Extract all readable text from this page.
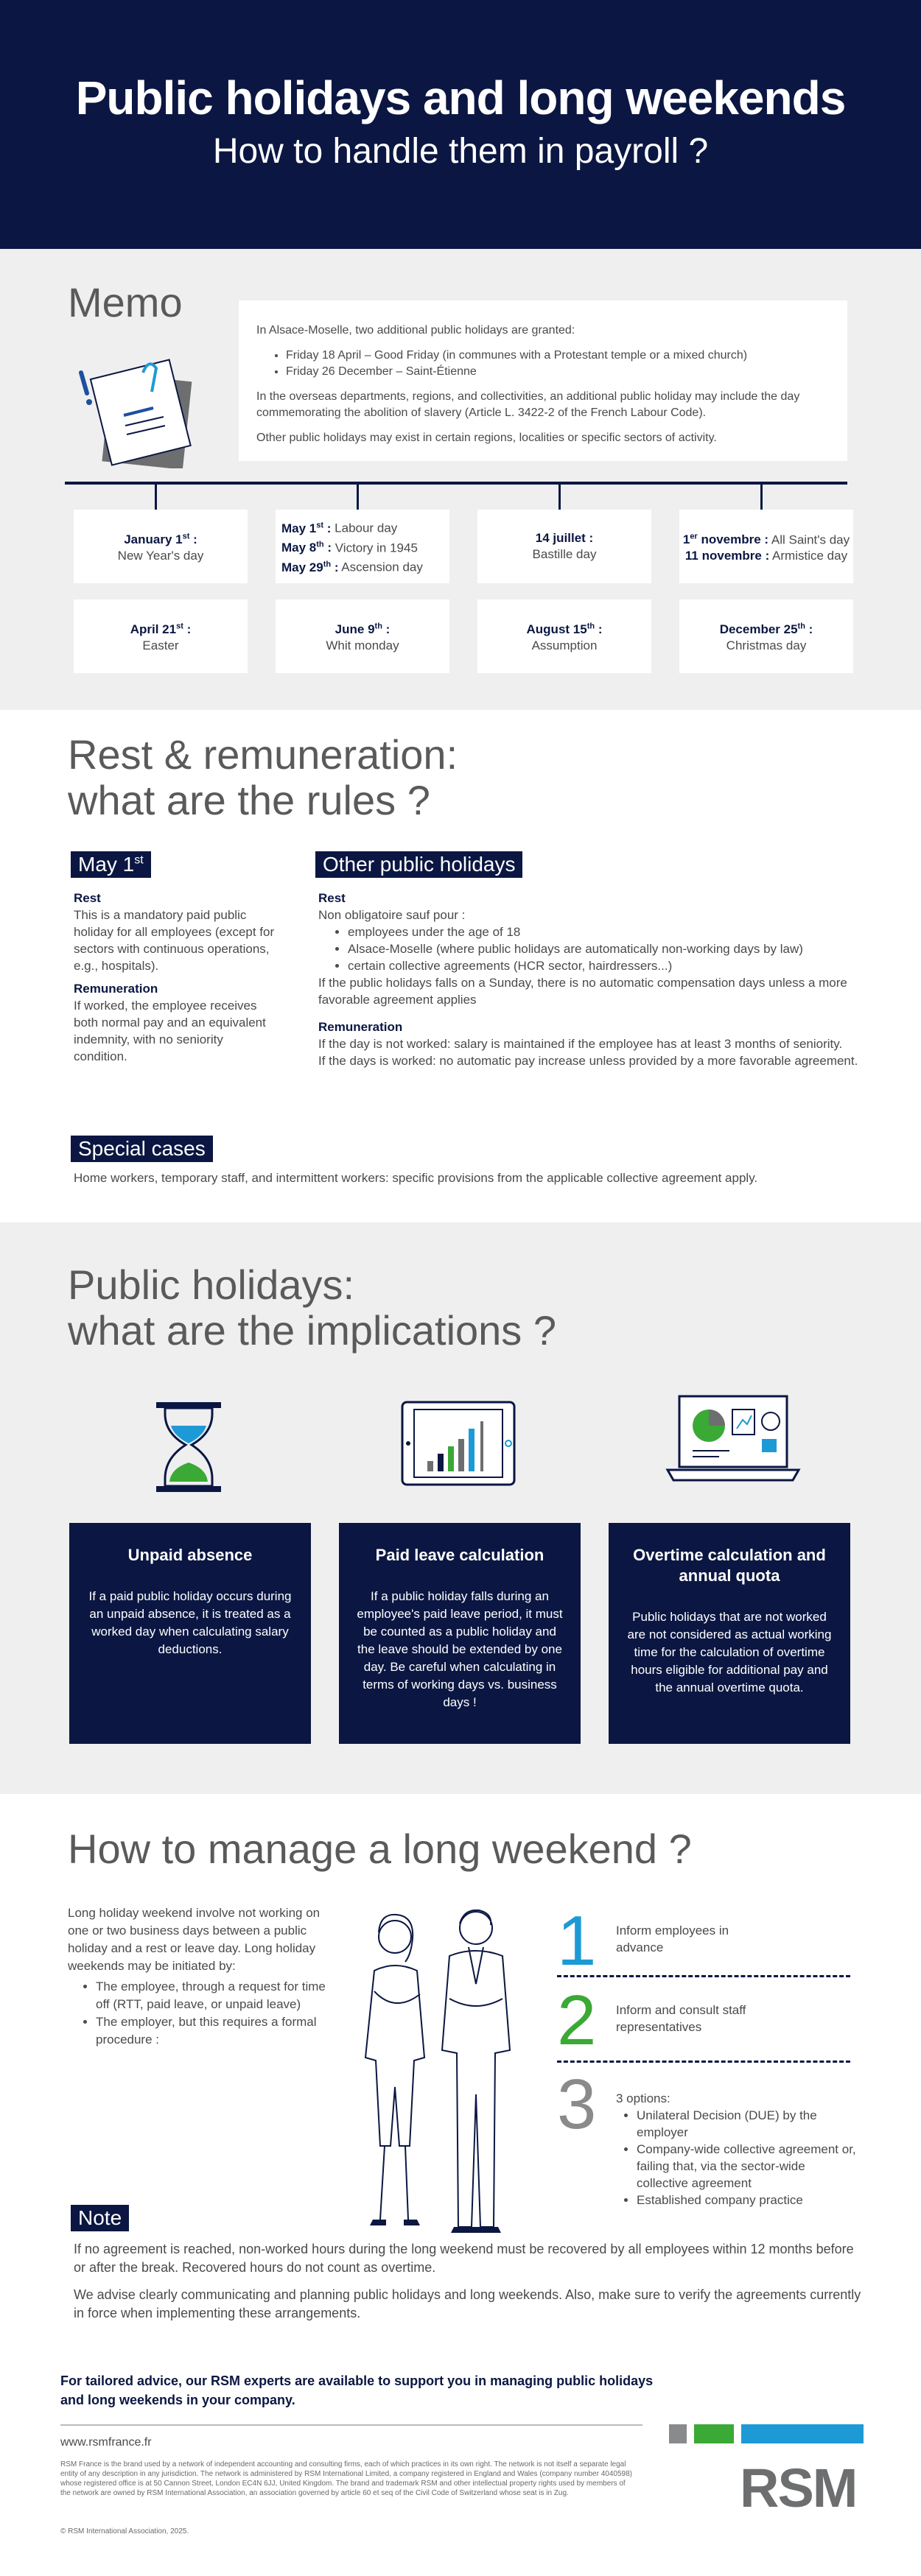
Public holidays and long weekends
How to handle them in payroll ?
Memo

In Alsace-Moselle, two additional public holidays are granted:

• Friday 18 April – Good Friday (in communes with a Protestant temple or a mixed church)
• Friday 26 December – Saint-Étienne

In the overseas departments, regions, and collectivities, an additional public holiday may include the day commemorating the abolition of slavery (Article L. 3422-2 of the French Labour Code).

Other public holidays may exist in certain regions, localities or specific sectors of activity.

January 1st :
New Year's day
May 1st : Labour day
May 8th : Victory in 1945
May 29th : Ascension day
14 juillet :
Bastille day
1er novembre : All Saint's day
11 novembre : Armistice day
April 21st :
Easter
June 9th :
Whit monday
August 15th :
Assumption
December 25th :
Christmas day
Rest & remuneration:
what are the rules ?
May 1st
Rest

This is a mandatory paid public holiday for all employees (except for sectors with continuous operations, e.g., hospitals).

Remuneration

If worked, the employee receives both normal pay and an equivalent indemnity, with no seniority condition.

Other public holidays
Rest

Non obligatoire sauf pour :

• employees under the age of 18
• Alsace-Moselle (where public holidays are automatically non-working days by law)
• certain collective agreements (HCR sector, hairdressers...)

If the public holidays falls on a Sunday, there is no automatic compensation days unless a more favorable agreement applies

Remuneration

If the day is not worked: salary is maintained if the employee has at least 3 months of seniority.

If the days is worked: no automatic pay increase unless provided by a more favorable agreement.

Special cases
Home workers, temporary staff, and intermittent workers: specific provisions from the applicable collective agreement apply.
Public holidays:
what are the implications ?
Unpaid absence

If a paid public holiday occurs during an unpaid absence, it is treated as a worked day when calculating salary deductions.

Paid leave calculation

If a public holiday falls during an employee's paid leave period, it must be counted as a public holiday and the leave should be extended by one day. Be careful when calculating in terms of working days vs. business days !

Overtime calculation and annual quota

Public holidays that are not worked are not considered as actual working time for the calculation of overtime hours eligible for additional pay and the annual overtime quota.

How to manage a long weekend ?

Long holiday weekend involve not working on one or two business days between a public holiday and a rest or leave day. Long holiday weekends may be initiated by:

• The employee, through a request for time off (RTT, paid leave, or unpaid leave)
• The employer, but this requires a formal procedure :
1 Inform employees in advance
2 Inform and consult staff representatives
3 3 options:

• Unilateral Decision (DUE) by the employer
• Company-wide collective agreement or, failing that, via the sector-wide collective agreement
• Established company practice
Note

If no agreement is reached, non-worked hours during the long weekend must be recovered by all employees within 12 months before or after the break. Recovered hours do not count as overtime.

We advise clearly communicating and planning public holidays and long weekends. Also, make sure to verify the agreements currently in force when implementing these arrangements.

For tailored advice, our RSM experts are available to support you in managing public holidays and long weekends in your company.
www.rsmfrance.fr
RSM France is the brand used by a network of independent accounting and consulting firms, each of which practices in its own right. The network is not itself a separate legal entity of any description in any jurisdiction. The network is administered by RSM International Limited, a company registered in England and Wales (company number 4040598) whose registered office is at 50 Cannon Street, London EC4N 6JJ, United Kingdom. The brand and trademark RSM and other intellectual property rights used by members of the network are owned by RSM International Association, an association governed by article 60 et seq of the Civil Code of Switzerland whose seat is in Zug.
© RSM International Association, 2025.
RSM
